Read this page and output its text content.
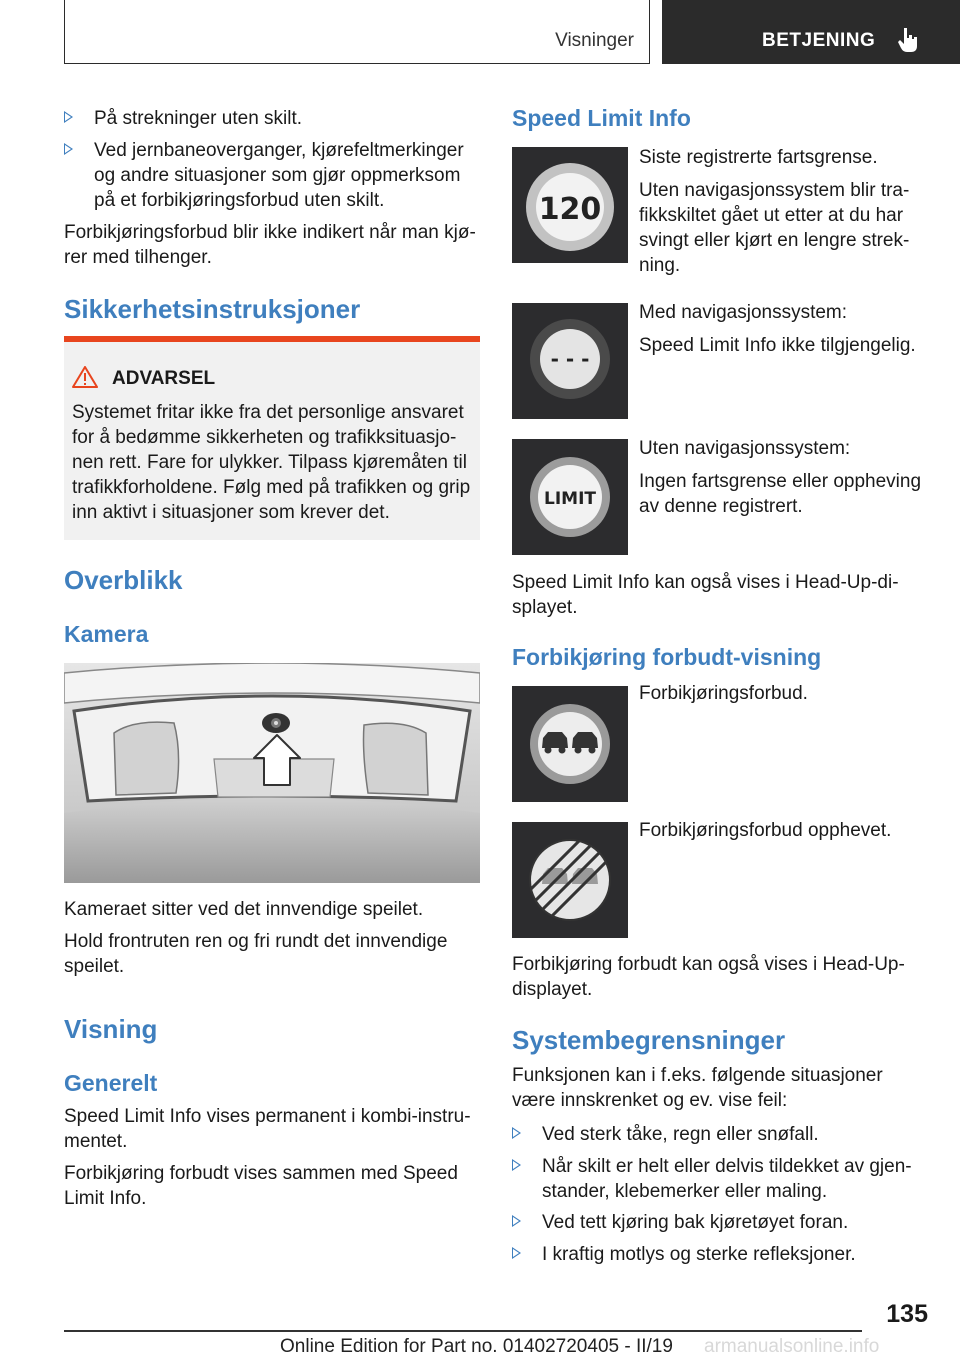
Visninger	BETJENING
På strekninger uten skilt.
Ved jernbaneoverganger, kjørefeltmerkinger
og andre situasjoner som gjør oppmerksom
på et forbikjøringsforbud uten skilt.
Forbikjøringsforbud blir ikke indikert når man kjø-
rer med tilhenger.
Sikkerhetsinstruksjoner
ADVARSEL
Systemet fritar ikke fra det personlige ansvaret
for å bedømme sikkerheten og trafikksituasjo-
nen rett. Fare for ulykker. Tilpass kjøremåten til
trafikkforholdene. Følg med på trafikken og grip
inn aktivt i situasjoner som krever det.
Overblikk
Kamera
Kameraet sitter ved det innvendige speilet.
Hold frontruten ren og fri rundt det innvendige
speilet.
Visning
Generelt
Speed Limit Info vises permanent i kombi-instru-
mentet.
Forbikjøring forbudt vises sammen med Speed
Limit Info.
Speed Limit Info
120
Siste registrerte fartsgrense.
Uten navigasjonssystem blir tra-
fikkskiltet gået ut etter at du har
svingt eller kjørt en lengre strek-
ning.
- - -
Med navigasjonssystem:
Speed Limit Info ikke tilgjengelig.
LIMIT
Uten navigasjonssystem:
Ingen fartsgrense eller oppheving
av denne registrert.
Speed Limit Info kan også vises i Head-Up-di-
splayet.
Forbikjøring forbudt-visning
Forbikjøringsforbud.
Forbikjøringsforbud opphevet.
Forbikjøring forbudt kan også vises i Head-Up-
displayet.
Systembegrensninger
Funksjonen kan i f.eks. følgende situasjoner
være innskrenket og ev. vise feil:
Ved sterk tåke, regn eller snøfall.
Når skilt er helt eller delvis tildekket av gjen-
stander, klebemerker eller maling.
Ved tett kjøring bak kjøretøyet foran.
I kraftig motlys og sterke refleksjoner.
135
Online Edition for Part no. 01402720405 - II/19 armanualsonline.info
